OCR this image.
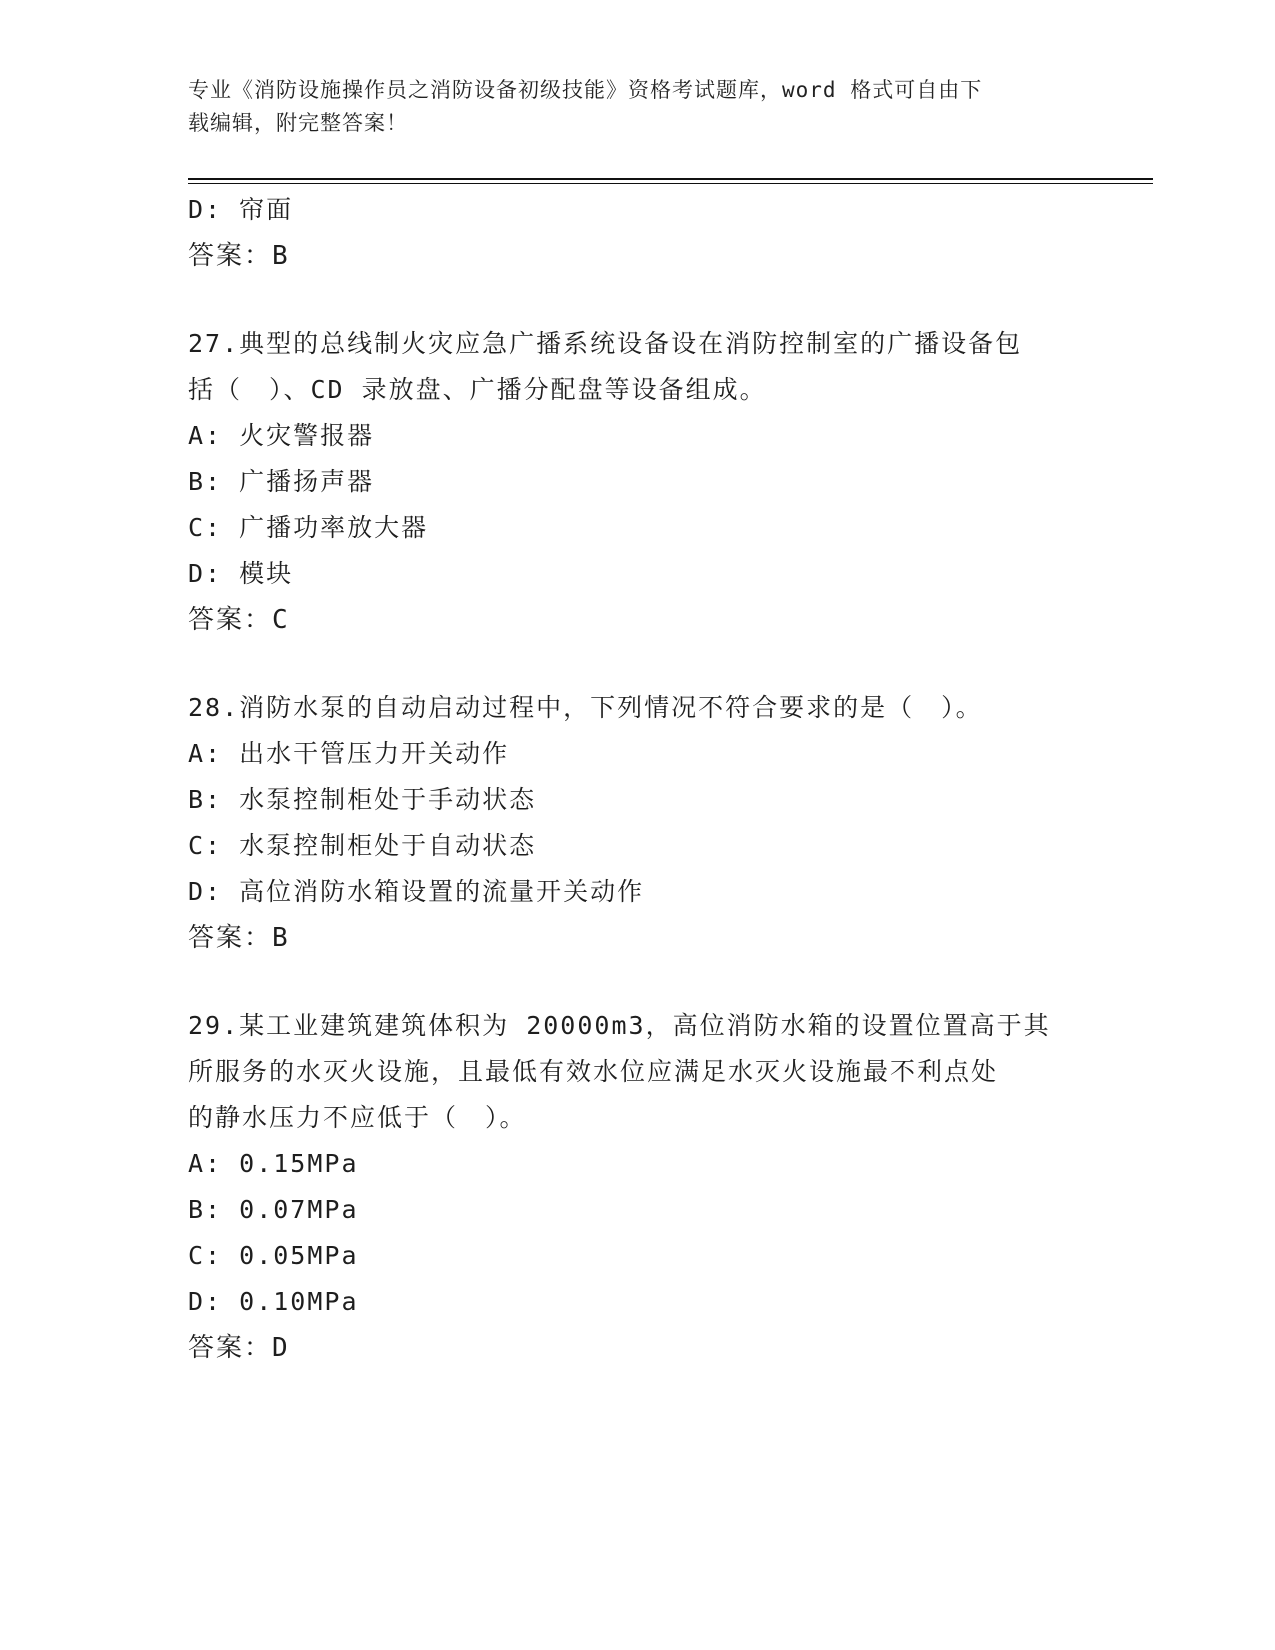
专业《消防设施操作员之消防设备初级技能》资格考试题库，word 格式可自由下
载编辑，附完整答案！
D: 帘面
答案：B
27.典型的总线制火灾应急广播系统设备设在消防控制室的广播设备包
括（　）、CD 录放盘、广播分配盘等设备组成。
A: 火灾警报器
B: 广播扬声器
C: 广播功率放大器
D: 模块
答案：C
28.消防水泵的自动启动过程中，下列情况不符合要求的是（　）。
A: 出水干管压力开关动作
B: 水泵控制柜处于手动状态
C: 水泵控制柜处于自动状态
D: 高位消防水箱设置的流量开关动作
答案：B
29.某工业建筑建筑体积为 20000m3，高位消防水箱的设置位置高于其
所服务的水灭火设施，且最低有效水位应满足水灭火设施最不利点处
的静水压力不应低于（　）。
A: 0.15MPa
B: 0.07MPa
C: 0.05MPa
D: 0.10MPa
答案：D
